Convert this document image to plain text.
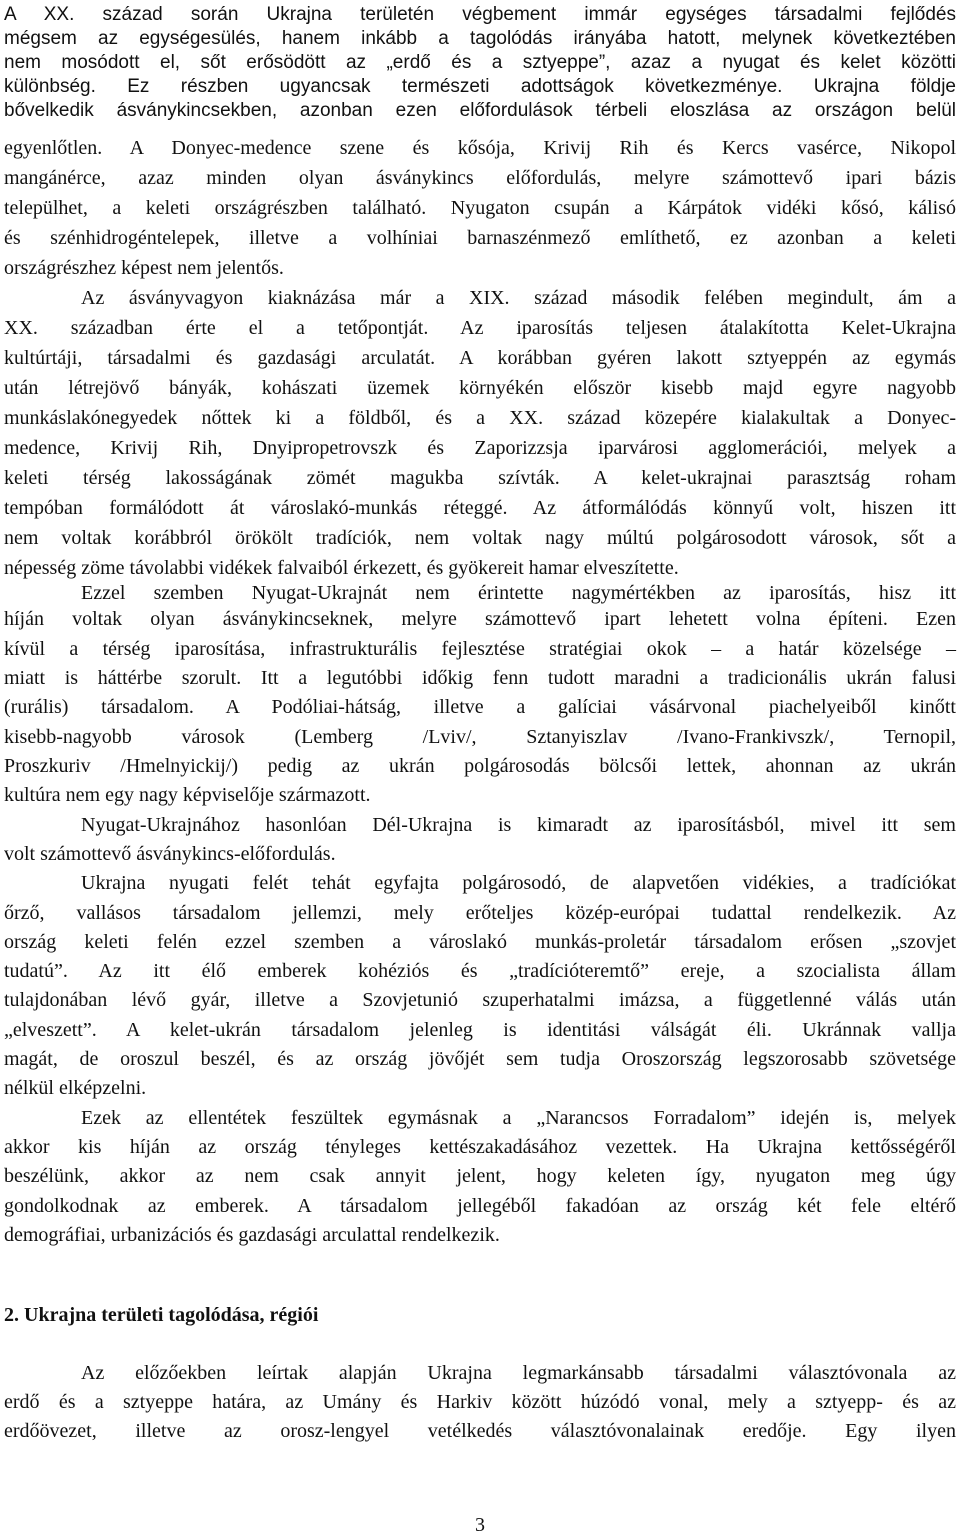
A XX. század során Ukrajna területén végbement immár egységes társadalmi fejlődés
mégsem az egységesülés, hanem inkább a tagolódás irányába hatott, melynek következtében
nem mosódott el, sőt erősödött az „erdő és a sztyeppe”, azaz a nyugat és kelet közötti
különbség. Ez részben ugyancsak természeti adottságok következménye. Ukrajna földje
bővelkedik ásványkincsekben, azonban ezen előfordulások térbeli eloszlása az országon belül
egyenlőtlen. A Donyec-medence szene és kősója, Krivij Rih és Kercs vasérce, Nikopol
mangánérce, azaz minden olyan ásványkincs előfordulás, melyre számottevő ipari bázis
települhet, a keleti országrészben található. Nyugaton csupán a Kárpátok vidéki kősó, kálisó
és szénhidrogéntelepek, illetve a volhíniai barnaszénmező említhető, ez azonban a keleti
országrészhez képest nem jelentős.
Az ásványvagyon kiaknázása már a XIX. század második felében megindult, ám a
XX. században érte el a tetőpontját. Az iparosítás teljesen átalakította Kelet-Ukrajna
kultúrtáji, társadalmi és gazdasági arculatát. A korábban gyéren lakott sztyeppén az egymás
után létrejövő bányák, kohászati üzemek környékén először kisebb majd egyre nagyobb
munkáslakónegyedek nőttek ki a földből, és a XX. század közepére kialakultak a Donyec-
medence, Krivij Rih, Dnyipropetrovszk és Zaporizzsja iparvárosi agglomerációi, melyek a
keleti térség lakosságának zömét magukba szívták. A kelet-ukrajnai parasztság roham
tempóban formálódott át városlakó-munkás réteggé. Az átformálódás könnyű volt, hiszen itt
nem voltak korábbról örökölt tradíciók, nem voltak nagy múltú polgárosodott városok, sőt a
népesség zöme távolabbi vidékek falvaiból érkezett, és gyökereit hamar elveszítette.
Ezzel szemben Nyugat-Ukrajnát nem érintette nagymértékben az iparosítás, hisz itt
híján voltak olyan ásványkincseknek, melyre számottevő ipart lehetett volna építeni. Ezen
kívül a térség iparosítása, infrastrukturális fejlesztése stratégiai okok – a határ közelsége –
miatt is háttérbe szorult. Itt a legutóbbi időkig fenn tudott maradni a tradicionális ukrán falusi
(rurális) társadalom. A Podóliai-hátság, illetve a galíciai vásárvonal piachelyeiből kinőtt
kisebb-nagyobb városok (Lemberg /Lviv/, Sztanyiszlav /Ivano-Frankivszk/, Ternopil,
Proszkuriv /Hmelnyickij/) pedig az ukrán polgárosodás bölcsői lettek, ahonnan az ukrán
kultúra nem egy nagy képviselője származott.
Nyugat-Ukrajnához hasonlóan Dél-Ukrajna is kimaradt az iparosításból, mivel itt sem
volt számottevő ásványkincs-előfordulás.
Ukrajna nyugati felét tehát egyfajta polgárosodó, de alapvetően vidékies, a tradíciókat
őrző, vallásos társadalom jellemzi, mely erőteljes közép-európai tudattal rendelkezik. Az
ország keleti felén ezzel szemben a városlakó munkás-proletár társadalom erősen „szovjet
tudatú”. Az itt élő emberek kohéziós és „tradícióteremtő” ereje, a szocialista állam
tulajdonában lévő gyár, illetve a Szovjetunió szuperhatalmi imázsa, a függetlenné válás után
„elveszett”. A kelet-ukrán társadalom jelenleg is identitási válságát éli. Ukránnak vallja
magát, de oroszul beszél, és az ország jövőjét sem tudja Oroszország legszorosabb szövetsége
nélkül elképzelni.
Ezek az ellentétek feszültek egymásnak a „Narancsos Forradalom” idején is, melyek
akkor kis híján az ország tényleges kettészakadásához vezettek. Ha Ukrajna kettősségéről
beszélünk, akkor az nem csak annyit jelent, hogy keleten így, nyugaton meg úgy
gondolkodnak az emberek. A társadalom jellegéből fakadóan az ország két fele eltérő
demográfiai, urbanizációs és gazdasági arculattal rendelkezik.
2. Ukrajna területi tagolódása, régiói
Az előzőekben leírtak alapján Ukrajna legmarkánsabb társadalmi választóvonala az
erdő és a sztyeppe határa, az Umány és Harkiv között húzódó vonal, mely a sztyepp- és az
erdőövezet, illetve az orosz-lengyel vetélkedés választóvonalainak eredője. Egy ilyen
3
